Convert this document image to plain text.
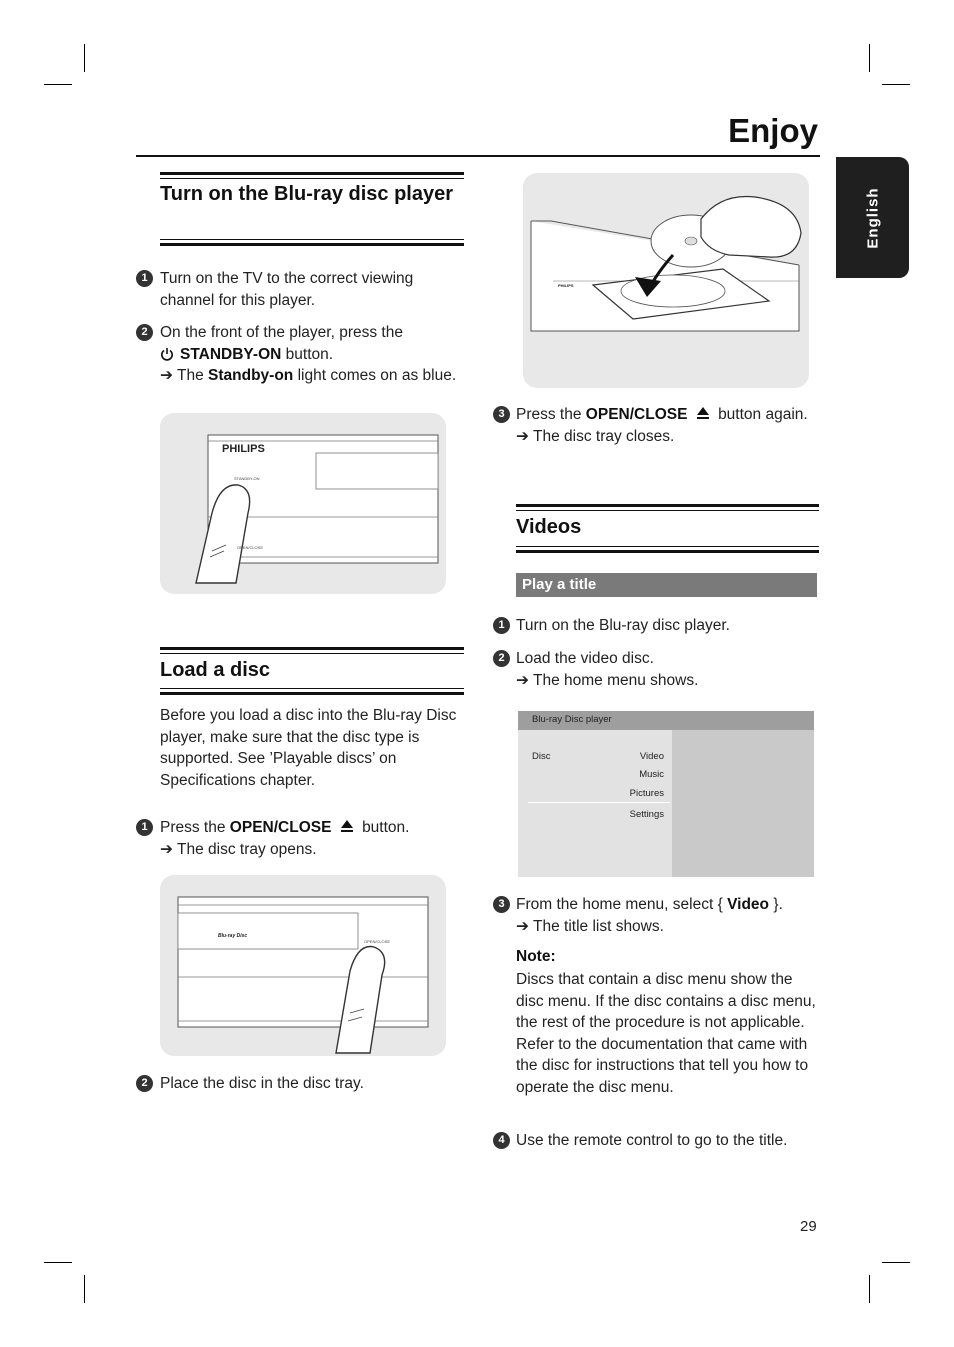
Enjoy
English
Turn on the Blu-ray disc player
1 Turn on the TV to the correct viewing channel for this player.
2 On the front of the player, press the
STANDBY-ON button.
➔ The Standby-on light comes on as blue.
PHILIPS
STANDBY-ON
OPEN/CLOSE
Load a disc
Before you load a disc into the Blu-ray Disc player, make sure that the disc type is supported. See ’Playable discs’ on Specifications chapter.
1 Press the OPEN/CLOSE button.
➔ The disc tray opens.
Blu-ray Disc
OPEN/CLOSE
2 Place the disc in the disc tray.
PHILIPS
3 Press the OPEN/CLOSE button again.
➔ The disc tray closes.
Videos
Play a title
1 Turn on the Blu-ray disc player.
2 Load the video disc.
➔ The home menu shows.
Blu-ray Disc player
Disc	Video
Music
Pictures
Settings
3 From the home menu, select { Video }.
➔ The title list shows.
Note:
Discs that contain a disc menu show the disc menu. If the disc contains a disc menu, the rest of the procedure is not applicable. Refer to the documentation that came with the disc for instructions that tell you how to operate the disc menu.
4 Use the remote control to go to the title.
29
